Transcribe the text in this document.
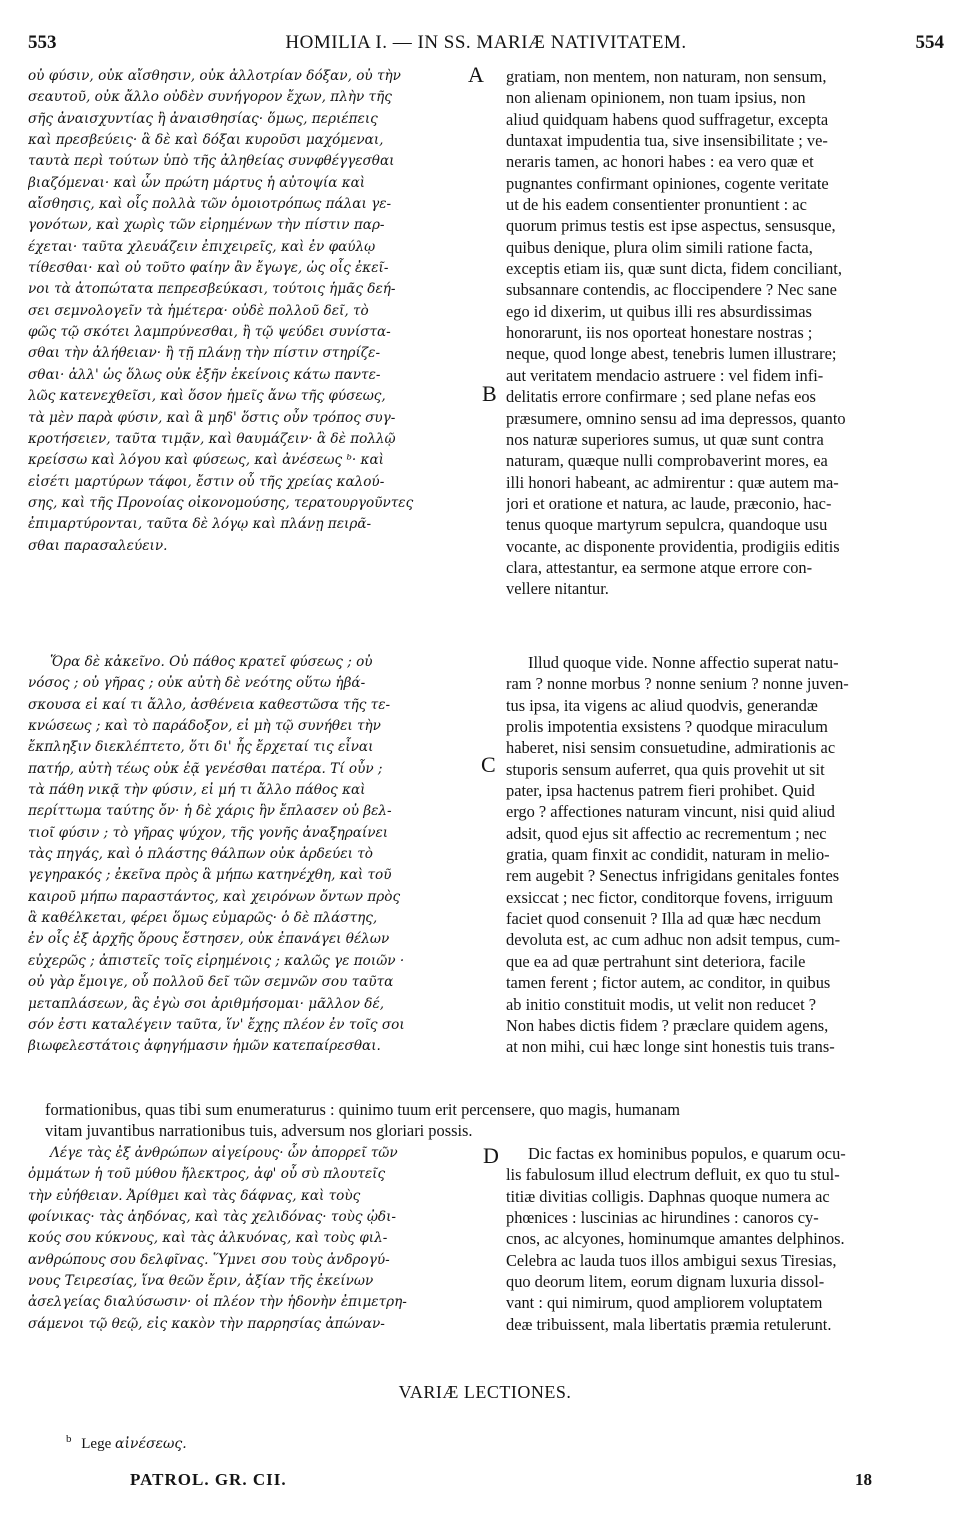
553	HOMILIA I. — IN SS. MARIÆ NATIVITATEM.	554
οὐ φύσιν, οὐκ αἴσθησιν, οὐκ ἀλλοτρίαν δόξαν, οὐ τὴν
σεαυτοῦ, οὐκ ἄλλο οὐδὲν συνήγορον ἔχων, πλὴν τῆς
σῆς ἀναισχυντίας ἢ ἀναισθησίας· ὅμως, περιέπεις
καὶ πρεσβεύεις· ἃ δὲ καὶ δόξαι κυροῦσι μαχόμεναι,
ταυτὰ περὶ τούτων ὑπὸ τῆς ἀληθείας συνφθέγγεσθαι
βιαζόμεναι· καὶ ὧν πρώτη μάρτυς ἡ αὐτοψία καὶ
αἴσθησις, καὶ οἷς πολλὰ τῶν ὁμοιοτρόπως πάλαι γε-
γονότων, καὶ χωρὶς τῶν εἰρημένων τὴν πίστιν παρ-
έχεται· ταῦτα χλευάζειν ἐπιχειρεῖς, καὶ ἐν φαύλῳ
τίθεσθαι· καὶ οὐ τοῦτο φαίην ἂν ἔγωγε, ὡς οἷς ἐκεῖ-
νοι τὰ ἀτοπώτατα πεπρεσβεύκασι, τούτοις ἡμᾶς δεή-
σει σεμνολογεῖν τὰ ἡμέτερα· οὐδὲ πολλοῦ δεῖ, τὸ
φῶς τῷ σκότει λαμπρύνεσθαι, ἢ τῷ ψεύδει συνίστα-
σθαι τὴν ἀλήθειαν· ἢ τῇ πλάνῃ τὴν πίστιν στηρίζε-
σθαι· ἀλλ' ὡς ὅλως οὐκ ἐξῆν ἐκείνοις κάτω παντε-
λῶς κατενεχθεῖσι, καὶ ὅσον ἡμεῖς ἄνω τῆς φύσεως,
τὰ μὲν παρὰ φύσιν, καὶ ἃ μηδ' ὅστις οὖν τρόπος συγ-
κροτήσειεν, ταῦτα τιμᾷν, καὶ θαυμάζειν· ἃ δὲ πολλῷ
κρείσσω καὶ λόγου καὶ φύσεως, καὶ ἀνέσεως ᵇ· καὶ
εἰσέτι μαρτύρων τάφοι, ἔστιν οὗ τῆς χρείας καλού-
σης, καὶ τῆς Προνοίας οἰκονομούσης, τερατουργοῦντες
ἐπιμαρτύρονται, ταῦτα δὲ λόγῳ καὶ πλάνῃ πειρᾶ-
σθαι παρασαλεύειν.
gratiam, non mentem, non naturam, non sensum,
non alienam opinionem, non tuam ipsius, non
aliud quidquam habens quod suffragetur, excepta
duntaxat impudentia tua, sive insensibilitate ; ve-
neraris tamen, ac honori habes : ea vero quæ et
pugnantes confirmant opiniones, cogente veritate
ut de his eadem consentienter pronuntient : ac
quorum primus testis est ipse aspectus, sensusque,
quibus denique, plura olim simili ratione facta,
exceptis etiam iis, quæ sunt dicta, fidem conciliant,
subsannare contendis, ac floccipendere ? Nec sane
ego id dixerim, ut quibus illi res absurdissimas
honorarunt, iis nos oporteat honestare nostras ;
neque, quod longe abest, tenebris lumen illustrare;
aut veritatem mendacio astruere : vel fidem infi-
delitatis errore confirmare ; sed plane nefas eos
præsumere, omnino sensu ad ima depressos, quanto
nos naturæ superiores sumus, ut quæ sunt contra
naturam, quæque nulli comprobaverint mores, ea
illi honori habeant, ac admirentur : quæ autem ma-
jori et oratione et natura, ac laude, præconio, hac-
tenus quoque martyrum sepulcra, quandoque usu
vocante, ac disponente providentia, prodigiis editis
clara, attestantur, ea sermone atque errore con-
vellere nitantur.
A
B
C
D
Ὅρα δὲ κἀκεῖνο. Οὐ πάθος κρατεῖ φύσεως ; οὐ
νόσος ; οὐ γῆρας ; οὐκ αὐτὴ δὲ νεότης οὕτω ἡβά-
σκουσα εἰ καί τι ἄλλο, ἀσθένεια καθεστῶσα τῆς τε-
κνώσεως ; καὶ τὸ παράδοξον, εἰ μὴ τῷ συνήθει τὴν
ἔκπληξιν διεκλέπτετο, ὅτι δι' ἧς ἔρχεταί τις εἶναι
πατήρ, αὐτὴ τέως οὐκ ἐᾷ γενέσθαι πατέρα. Τί οὖν ;
τὰ πάθη νικᾷ τὴν φύσιν, εἰ μή τι ἄλλο πάθος καὶ
περίττωμα ταύτης ὄν· ἡ δὲ χάρις ἣν ἔπλασεν οὐ βελ-
τιοῖ φύσιν ; τὸ γῆρας ψύχον, τῆς γονῆς ἀναξηραίνει
τὰς πηγάς, καὶ ὁ πλάστης θάλπων οὐκ ἀρδεύει τὸ
γεγηρακός ; ἐκεῖνα πρὸς ἃ μήπω κατηνέχθη, καὶ τοῦ
καιροῦ μήπω παραστάντος, καὶ χειρόνων ὄντων πρὸς
ἃ καθέλκεται, φέρει ὅμως εὐμαρῶς· ὁ δὲ πλάστης,
ἐν οἷς ἐξ ἀρχῆς ὅρους ἔστησεν, οὐκ ἐπανάγει θέλων
εὐχερῶς ; ἀπιστεῖς τοῖς εἰρημένοις ; καλῶς γε ποιῶν ·
οὐ γὰρ ἔμοιγε, οὗ πολλοῦ δεῖ τῶν σεμνῶν σου ταῦτα
μεταπλάσεων, ἃς ἐγὼ σοι ἀριθμήσομαι· μᾶλλον δέ,
σόν ἐστι καταλέγειν ταῦτα, ἵν' ἔχῃς πλέον ἐν τοῖς σοι
βιωφελεστάτοις ἀφηγήμασιν ἡμῶν κατεπαίρεσθαι.
Illud quoque vide. Nonne affectio superat natu-
ram ? nonne morbus ? nonne senium ? nonne juven-
tus ipsa, ita vigens ac aliud quodvis, generandæ
prolis impotentia exsistens ? quodque miraculum
haberet, nisi sensim consuetudine, admirationis ac
stuporis sensum auferret, qua quis provehit ut sit
pater, ipsa hactenus patrem fieri prohibet. Quid
ergo ? affectiones naturam vincunt, nisi quid aliud
adsit, quod ejus sit affectio ac recrementum ; nec
gratia, quam finxit ac condidit, naturam in melio-
rem augebit ? Senectus infrigidans genitales fontes
exsiccat ; nec fictor, conditorque fovens, irriguum
faciet quod consenuit ? Illa ad quæ hæc necdum
devoluta est, ac cum adhuc non adsit tempus, cum-
que ea ad quæ pertrahunt sint deteriora, facile
tamen ferent ; fictor autem, ac conditor, in quibus
ab initio constituit modis, ut velit non reducet ?
Non habes dictis fidem ? præclare quidem agens,
at non mihi, cui hæc longe sint honestis tuis trans-
formationibus, quas tibi sum enumeraturus : quinimo tuum erit percensere, quo magis, humanam
vitam juvantibus narrationibus tuis, adversum nos gloriari possis.
Λέγε τὰς ἐξ ἀνθρώπων αἰγείρους· ὧν ἀπορρεῖ τῶν
ὀμμάτων ἡ τοῦ μύθου ἤλεκτρος, ἀφ' οὗ σὺ πλουτεῖς
τὴν εὐήθειαν. Ἀρίθμει καὶ τὰς δάφνας, καὶ τοὺς
φοίνικας· τὰς ἀηδόνας, καὶ τὰς χελιδόνας· τοὺς ᾠδι-
κούς σου κύκνους, καὶ τὰς ἀλκυόνας, καὶ τοὺς φιλ-
ανθρώπους σου δελφῖνας. Ὕμνει σου τοὺς ἀνδρογύ-
νους Τειρεσίας, ἵνα θεῶν ἔριν, ἀξίαν τῆς ἐκείνων
ἀσελγείας διαλύσωσιν· οἱ πλέον τὴν ἡδονὴν ἐπιμετρη-
σάμενοι τῷ θεῷ, εἰς κακὸν τὴν παρρησίας ἀπώναν-
Dic factas ex hominibus populos, e quarum ocu-
lis fabulosum illud electrum defluit, ex quo tu stul-
titiæ divitias colligis. Daphnas quoque numera ac
phœnices : luscinias ac hirundines : canoros cy-
cnos, ac alcyones, hominumque amantes delphinos.
Celebra ac lauda tuos illos ambigui sexus Tiresias,
quo deorum litem, eorum dignam luxuria dissol-
vant : qui nimirum, quod ampliorem voluptatem
deæ tribuissent, mala libertatis præmia retulerunt.
VARIÆ LECTIONES.
$^b$ Lege αἰνέσεως.
PATROL. GR. CII.	18
